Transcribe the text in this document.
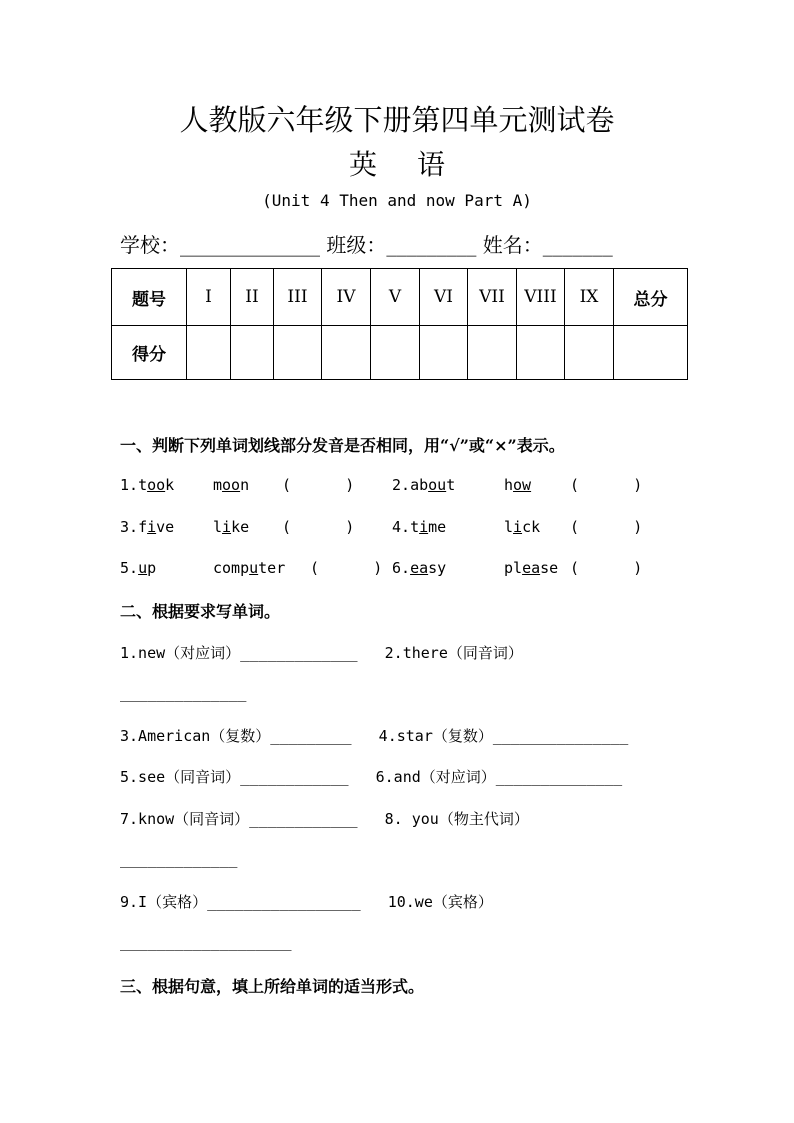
人教版六年级下册第四单元测试卷
英 语
(Unit 4 Then and now Part A)
学校：______________ 班级：_________ 姓名：_______
题号	I	II	III	IV	V	VI	VII	VIII	IX	总分
得分										
一、判断下列单词划线部分发音是否相同，用“√”或“×”表示。
1.took	moon (      )	2.about	how	(      )
3.five	like (      )	4.time	lick (      )
5.up	computer (      ) 6.easy	please (      )
二、根据要求写单词。
1.new（对应词）_____________   2.there（同音词）
______________
3.American（复数）_________   4.star（复数）_______________
5.see（同音词）____________   6.and（对应词）______________
7.know（同音词）____________   8. you（物主代词）
_____________
9.I（宾格）_________________   10.we（宾格）
___________________
三、根据句意，填上所给单词的适当形式。
